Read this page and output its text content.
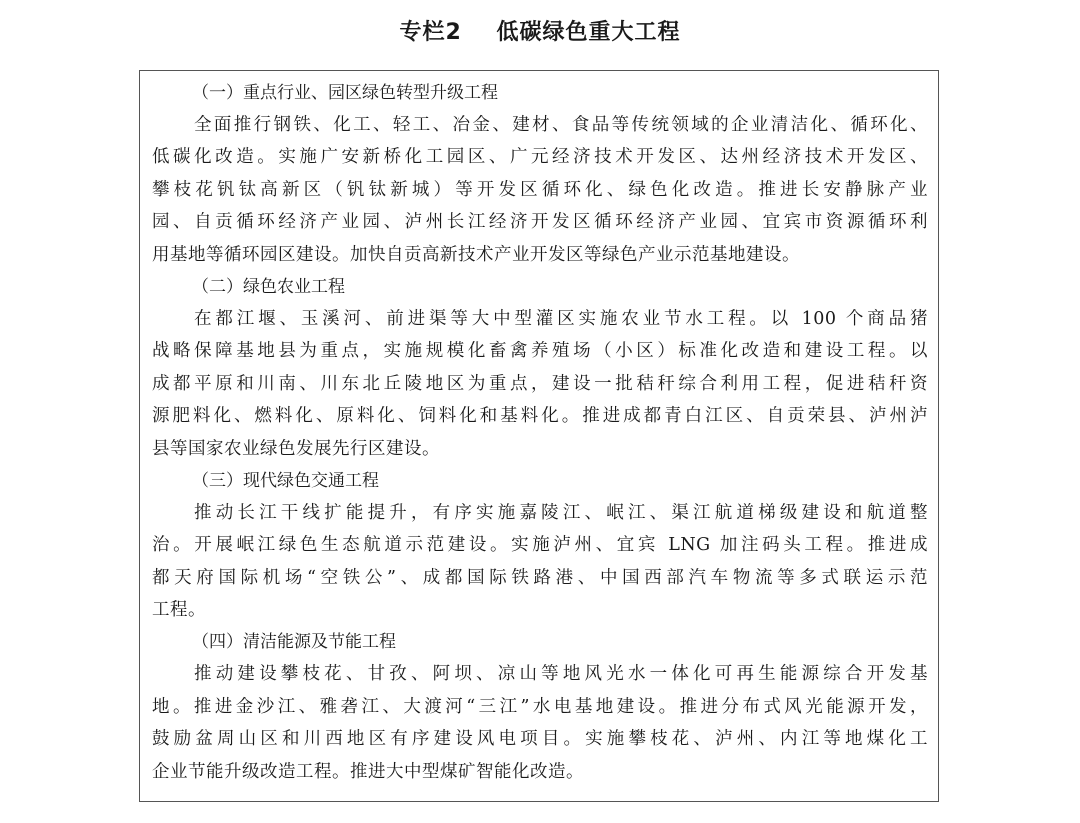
专栏2    低碳绿色重大工程
（一）重点行业、园区绿色转型升级工程
全面推行钢铁、化工、轻工、冶金、建材、食品等传统领域的企业清洁化、循环化、
低碳化改造。实施广安新桥化工园区、广元经济技术开发区、达州经济技术开发区、
攀枝花钒钛高新区（钒钛新城）等开发区循环化、绿色化改造。推进长安静脉产业
园、自贡循环经济产业园、泸州长江经济开发区循环经济产业园、宜宾市资源循环利
用基地等循环园区建设。加快自贡高新技术产业开发区等绿色产业示范基地建设。
（二）绿色农业工程
在都江堰、玉溪河、前进渠等大中型灌区实施农业节水工程。以 100 个商品猪
战略保障基地县为重点，实施规模化畜禽养殖场（小区）标准化改造和建设工程。以
成都平原和川南、川东北丘陵地区为重点，建设一批秸秆综合利用工程，促进秸秆资
源肥料化、燃料化、原料化、饲料化和基料化。推进成都青白江区、自贡荣县、泸州泸
县等国家农业绿色发展先行区建设。
（三）现代绿色交通工程
推动长江干线扩能提升，有序实施嘉陵江、岷江、渠江航道梯级建设和航道整
治。开展岷江绿色生态航道示范建设。实施泸州、宜宾 LNG 加注码头工程。推进成
都天府国际机场“空铁公”、成都国际铁路港、中国西部汽车物流等多式联运示范
工程。
（四）清洁能源及节能工程
推动建设攀枝花、甘孜、阿坝、凉山等地风光水一体化可再生能源综合开发基
地。推进金沙江、雅砻江、大渡河“三江”水电基地建设。推进分布式风光能源开发，
鼓励盆周山区和川西地区有序建设风电项目。实施攀枝花、泸州、内江等地煤化工
企业节能升级改造工程。推进大中型煤矿智能化改造。
